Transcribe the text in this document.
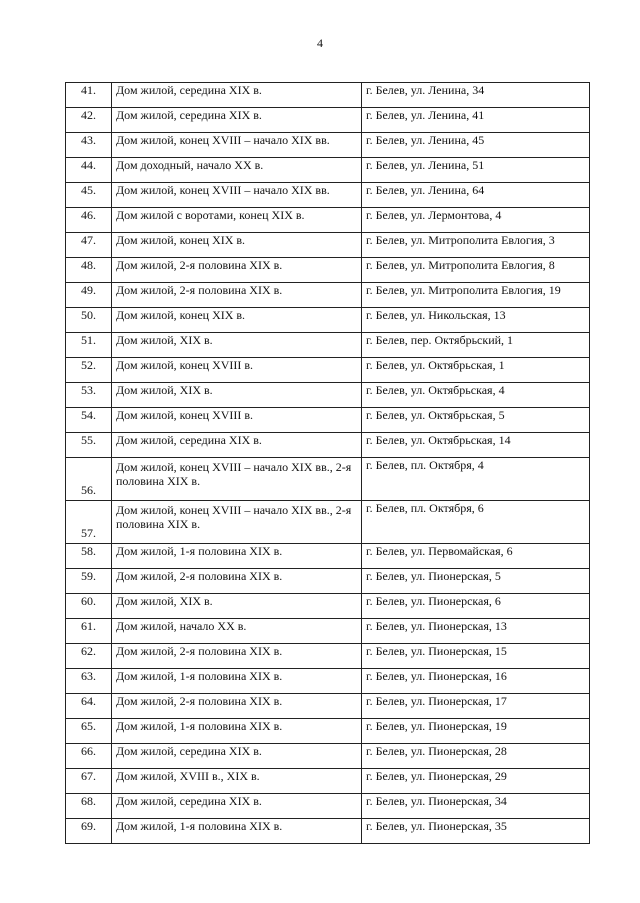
4
41.	Дом жилой, середина XIX в.	г. Белев, ул. Ленина, 34
42.	Дом жилой, середина XIX в.	г. Белев, ул. Ленина, 41
43.	Дом жилой, конец XVIII – начало XIX вв.	г. Белев, ул. Ленина, 45
44.	Дом доходный, начало XX в.	г. Белев, ул. Ленина, 51
45.	Дом жилой, конец XVIII – начало XIX вв.	г. Белев, ул. Ленина, 64
46.	Дом жилой с воротами, конец XIX в.	г. Белев, ул. Лермонтова, 4
47.	Дом жилой, конец XIX в.	г. Белев, ул. Митрополита Евлогия, 3
48.	Дом жилой, 2-я половина XIX в.	г. Белев, ул. Митрополита Евлогия, 8
49.	Дом жилой, 2-я половина XIX в.	г. Белев, ул. Митрополита Евлогия, 19
50.	Дом жилой, конец XIX в.	г. Белев, ул. Никольская, 13
51.	Дом жилой, XIX в.	г. Белев, пер. Октябрьский, 1
52.	Дом жилой, конец XVIII в.	г. Белев, ул. Октябрьская, 1
53.	Дом жилой, XIX в.	г. Белев, ул. Октябрьская, 4
54.	Дом жилой, конец XVIII в.	г. Белев, ул. Октябрьская, 5
55.	Дом жилой, середина XIX в.	г. Белев, ул. Октябрьская, 14
56.	Дом жилой, конец XVIII – начало XIX вв., 2-я половина XIX в.	г. Белев, пл. Октября, 4
57.	Дом жилой, конец XVIII – начало XIX вв., 2-я половина XIX в.	г. Белев, пл. Октября, 6
58.	Дом жилой, 1-я половина XIX в.	г. Белев, ул. Первомайская, 6
59.	Дом жилой, 2-я половина XIX в.	г. Белев, ул. Пионерская, 5
60.	Дом жилой, XIX в.	г. Белев, ул. Пионерская, 6
61.	Дом жилой, начало XX в.	г. Белев, ул. Пионерская, 13
62.	Дом жилой, 2-я половина XIX в.	г. Белев, ул. Пионерская, 15
63.	Дом жилой, 1-я половина XIX в.	г. Белев, ул. Пионерская, 16
64.	Дом жилой, 2-я половина XIX в.	г. Белев, ул. Пионерская, 17
65.	Дом жилой, 1-я половина XIX в.	г. Белев, ул. Пионерская, 19
66.	Дом жилой, середина XIX в.	г. Белев, ул. Пионерская, 28
67.	Дом жилой, XVIII в., XIX в.	г. Белев, ул. Пионерская, 29
68.	Дом жилой, середина XIX в.	г. Белев, ул. Пионерская, 34
69.	Дом жилой, 1-я половина XIX в.	г. Белев, ул. Пионерская, 35
